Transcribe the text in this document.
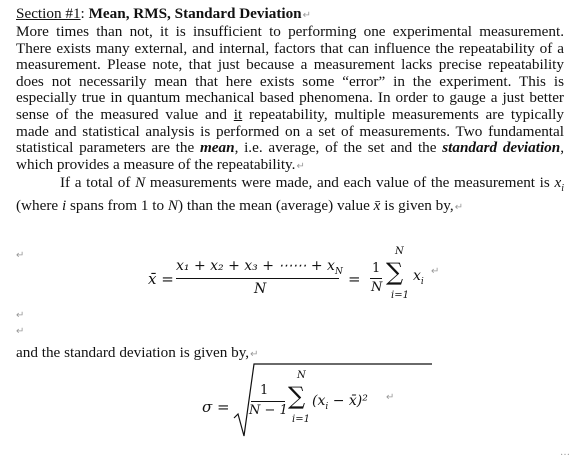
Section #1: Mean, RMS, Standard Deviation↵
More times than not, it is insufficient to performing one experimental measurement. There exists many external, and internal, factors that can influence the repeatability of a measurement. Please note, that just because a measurement lacks precise repeatability does not necessarily mean that here exists some “error” in the experiment. This is especially true in quantum mechanical based phenomena. In order to gauge a just better sense of the measured value and it repeatability, multiple measurements are typically made and statistical analysis is performed on a set of measurements. Two fundamental statistical parameters are the mean, i.e. average, of the set and the standard deviation, which provides a measure of the repeatability.↵
If a total of N measurements were made, and each value of the measurement is $x_i$ (where i spans from 1 to N) than the mean (average) value x̄ is given by,↵
↵
x̄ =
x₁ + x₂ + x₃ + ⋯⋯ + $x_N$
N
=
1
N
N
∑
i=1
$x_i$
↵
↵
↵
and the standard deviation is given by,↵
σ =
1
N − 1
N
∑
i=1
($x_i$ − x̄)² ↵
…
